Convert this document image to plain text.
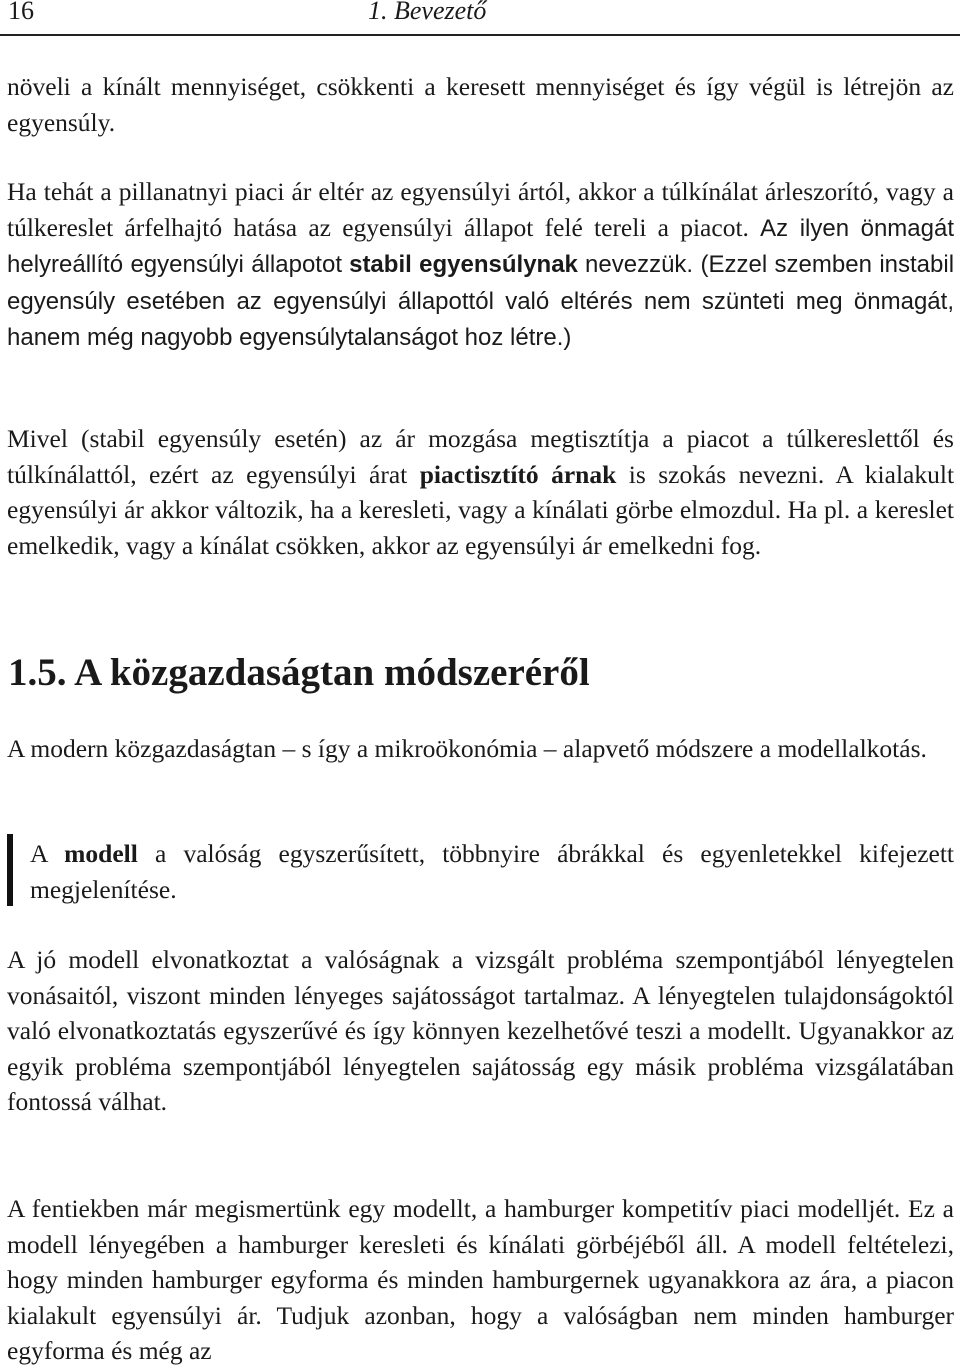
16	1. Bevezető

növeli a kínált mennyiséget, csökkenti a keresett mennyiséget és így végül is létrejön az egyensúly.

Ha tehát a pillanatnyi piaci ár eltér az egyensúlyi ártól, akkor a túlkínálat árleszorító, vagy a túlkereslet árfelhajtó hatása az egyensúlyi állapot felé tereli a piacot. Az ilyen önmagát helyreállító egyensúlyi állapotot stabil egyensúlynak nevezzük. (Ezzel szemben instabil egyensúly esetében az egyensúlyi állapottól való eltérés nem szünteti meg önmagát, hanem még nagyobb egyensúlytalanságot hoz létre.)

Mivel (stabil egyensúly esetén) az ár mozgása megtisztítja a piacot a túlkereslettől és túlkínálattól, ezért az egyensúlyi árat piactisztító árnak is szokás nevezni. A kialakult egyensúlyi ár akkor változik, ha a keresleti, vagy a kínálati görbe elmozdul. Ha pl. a kereslet emelkedik, vagy a kínálat csökken, akkor az egyensúlyi ár emelkedni fog.

1.5. A közgazdaságtan módszeréről

A modern közgazdaságtan – s így a mikroökonómia – alapvető módszere a modellalkotás.

A modell a valóság egyszerűsített, többnyire ábrákkal és egyenletekkel kifejezett megjelenítése.

A jó modell elvonatkoztat a valóságnak a vizsgált probléma szempontjából lényegtelen vonásaitól, viszont minden lényeges sajátosságot tartalmaz. A lényegtelen tulajdonságoktól való elvonatkoztatás egyszerűvé és így könnyen kezelhetővé teszi a modellt. Ugyanakkor az egyik probléma szempontjából lényegtelen sajátosság egy másik probléma vizsgálatában fontossá válhat.

A fentiekben már megismertünk egy modellt, a hamburger kompetitív piaci modelljét. Ez a modell lényegében a hamburger keresleti és kínálati görbéjéből áll. A modell feltételezi, hogy minden hamburger egyforma és minden hamburgernek ugyanakkora az ára, a piacon kialakult egyensúlyi ár. Tudjuk azonban, hogy a valóságban nem minden hamburger egyforma és még az
